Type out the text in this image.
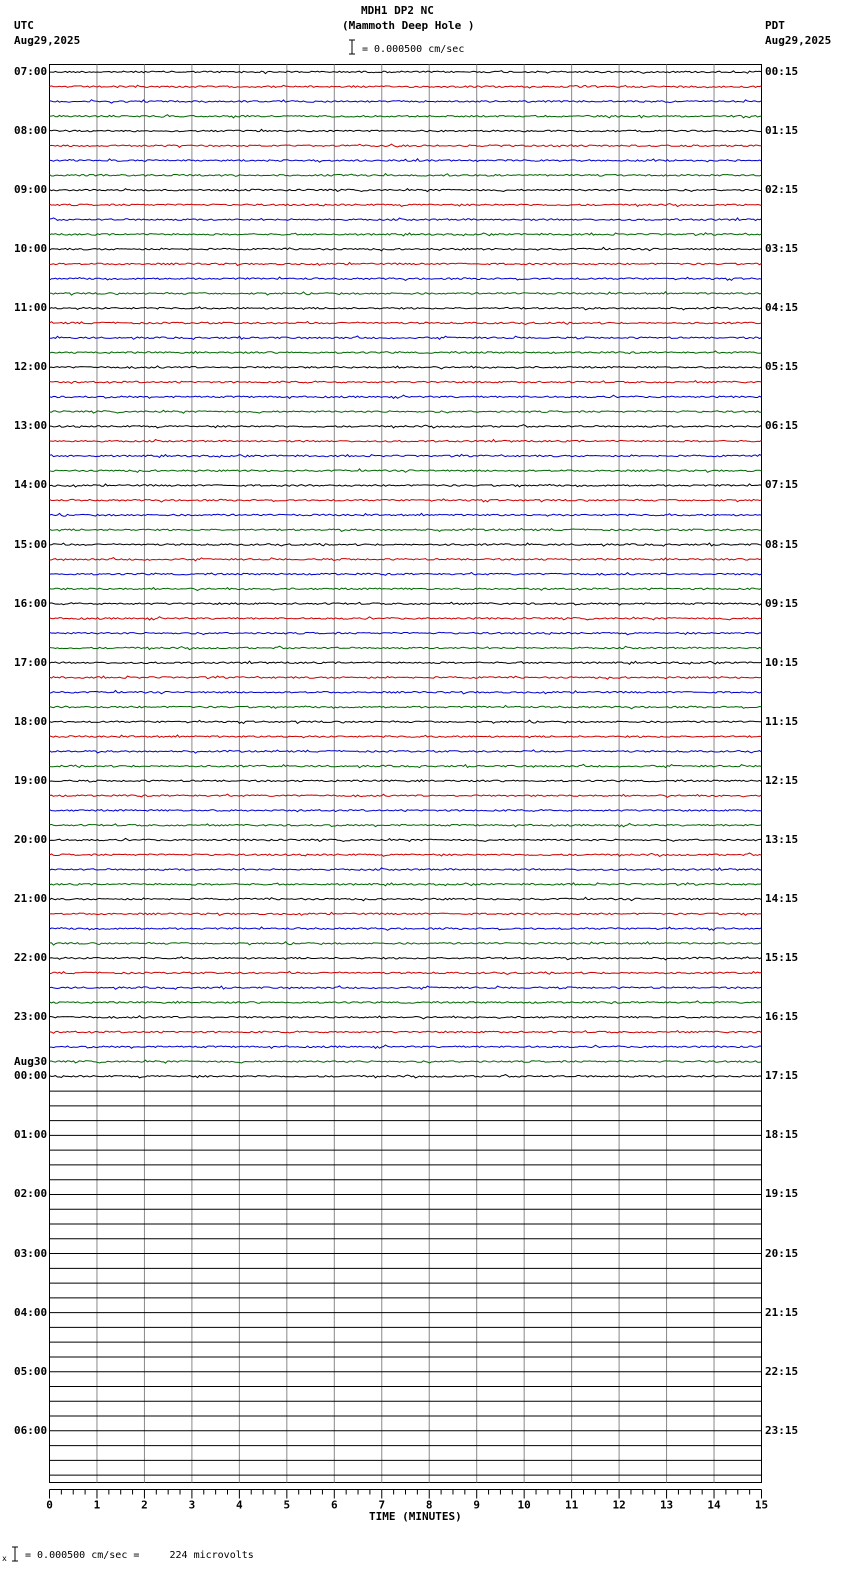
MDH1 DP2 NC
(Mammoth Deep Hole )
UTC
Aug29,2025
PDT
Aug29,2025
= 0.000500 cm/sec
0	1	2	3	4	5	6	7	8	9	10	11	12	13	14	15
07:00
08:00
09:00
10:00
11:00
12:00
13:00
14:00
15:00
16:00
17:00
18:00
19:00
20:00
21:00
22:00
23:00
00:00
01:00
02:00
03:00
04:00
05:00
06:00
00:15
01:15
02:15
03:15
04:15
05:15
06:15
07:15
08:15
09:15
10:15
11:15
12:15
13:15
14:15
15:15
16:15
17:15
18:15
19:15
20:15
21:15
22:15
23:15
Aug30
TIME (MINUTES)
x = 0.000500 cm/sec =     224 microvolts
